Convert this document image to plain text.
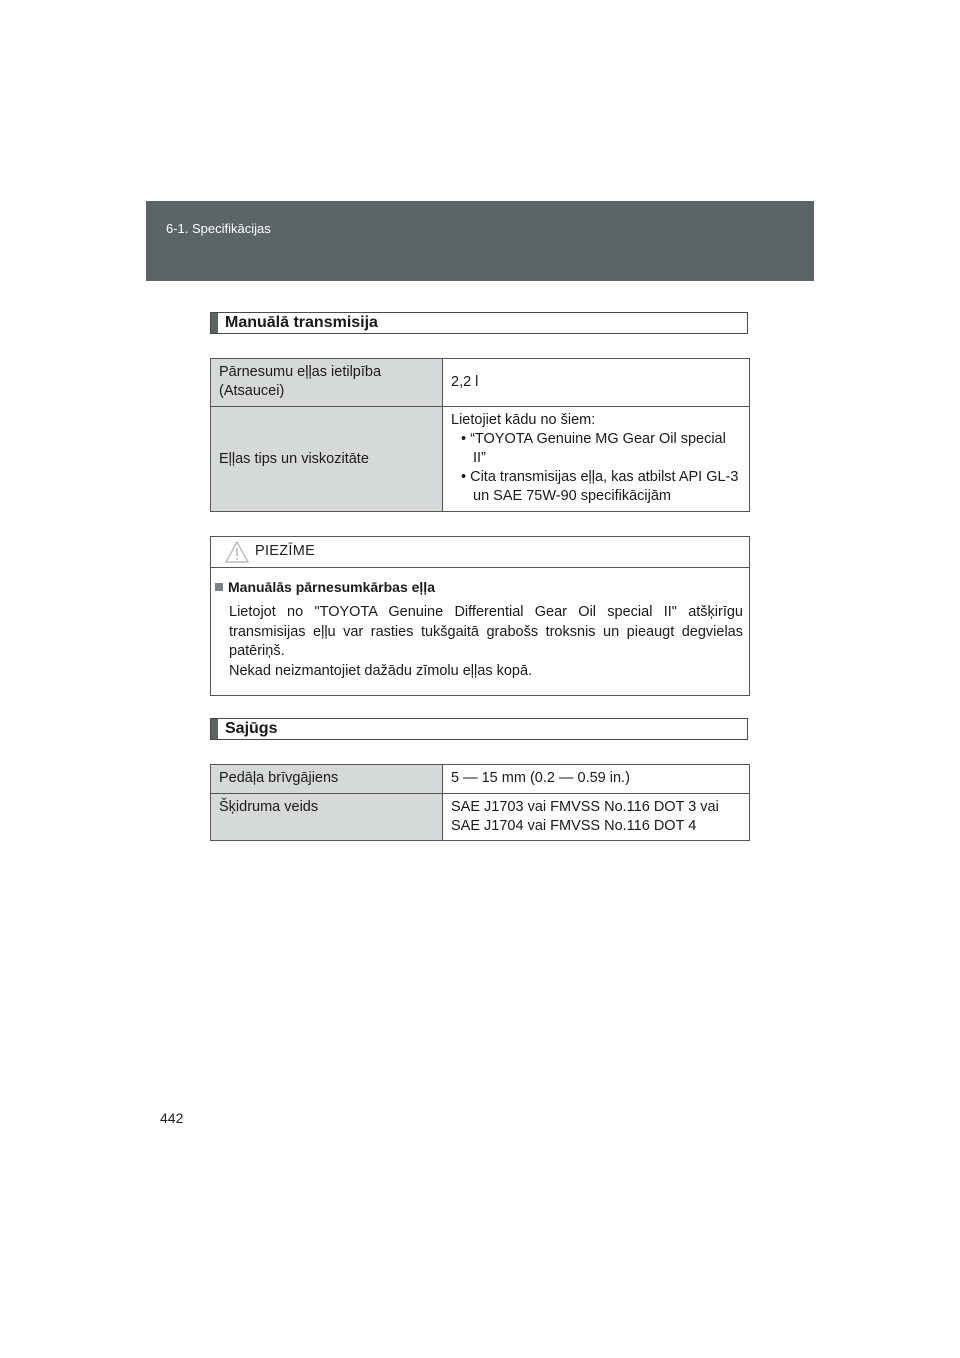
6-1. Specifikācijas
Manuālā transmisija
Pārnesumu eļļas ietilpība (Atsaucei)	2,2 l
Eļļas tips un viskozitāte	Lietojiet kādu no šiem:
• “TOYOTA Genuine MG Gear Oil special II”
• Cita transmisijas eļļa, kas atbilst API GL-3 un SAE 75W-90 specifikācijām
PIEZĪME
Manuālās pārnesumkārbas eļļa
Lietojot no "TOYOTA Genuine Differential Gear Oil special II" atšķirīgu transmisijas eļļu var rasties tukšgaitā grabošs troksnis un pieaugt degvielas patēriņš.
Nekad neizmantojiet dažādu zīmolu eļļas kopā.
Sajūgs
Pedāļa brīvgājiens	5 — 15 mm (0.2 — 0.59 in.)
Šķidruma veids	SAE J1703 vai FMVSS No.116 DOT 3 vai
SAE J1704 vai FMVSS No.116 DOT 4
442
